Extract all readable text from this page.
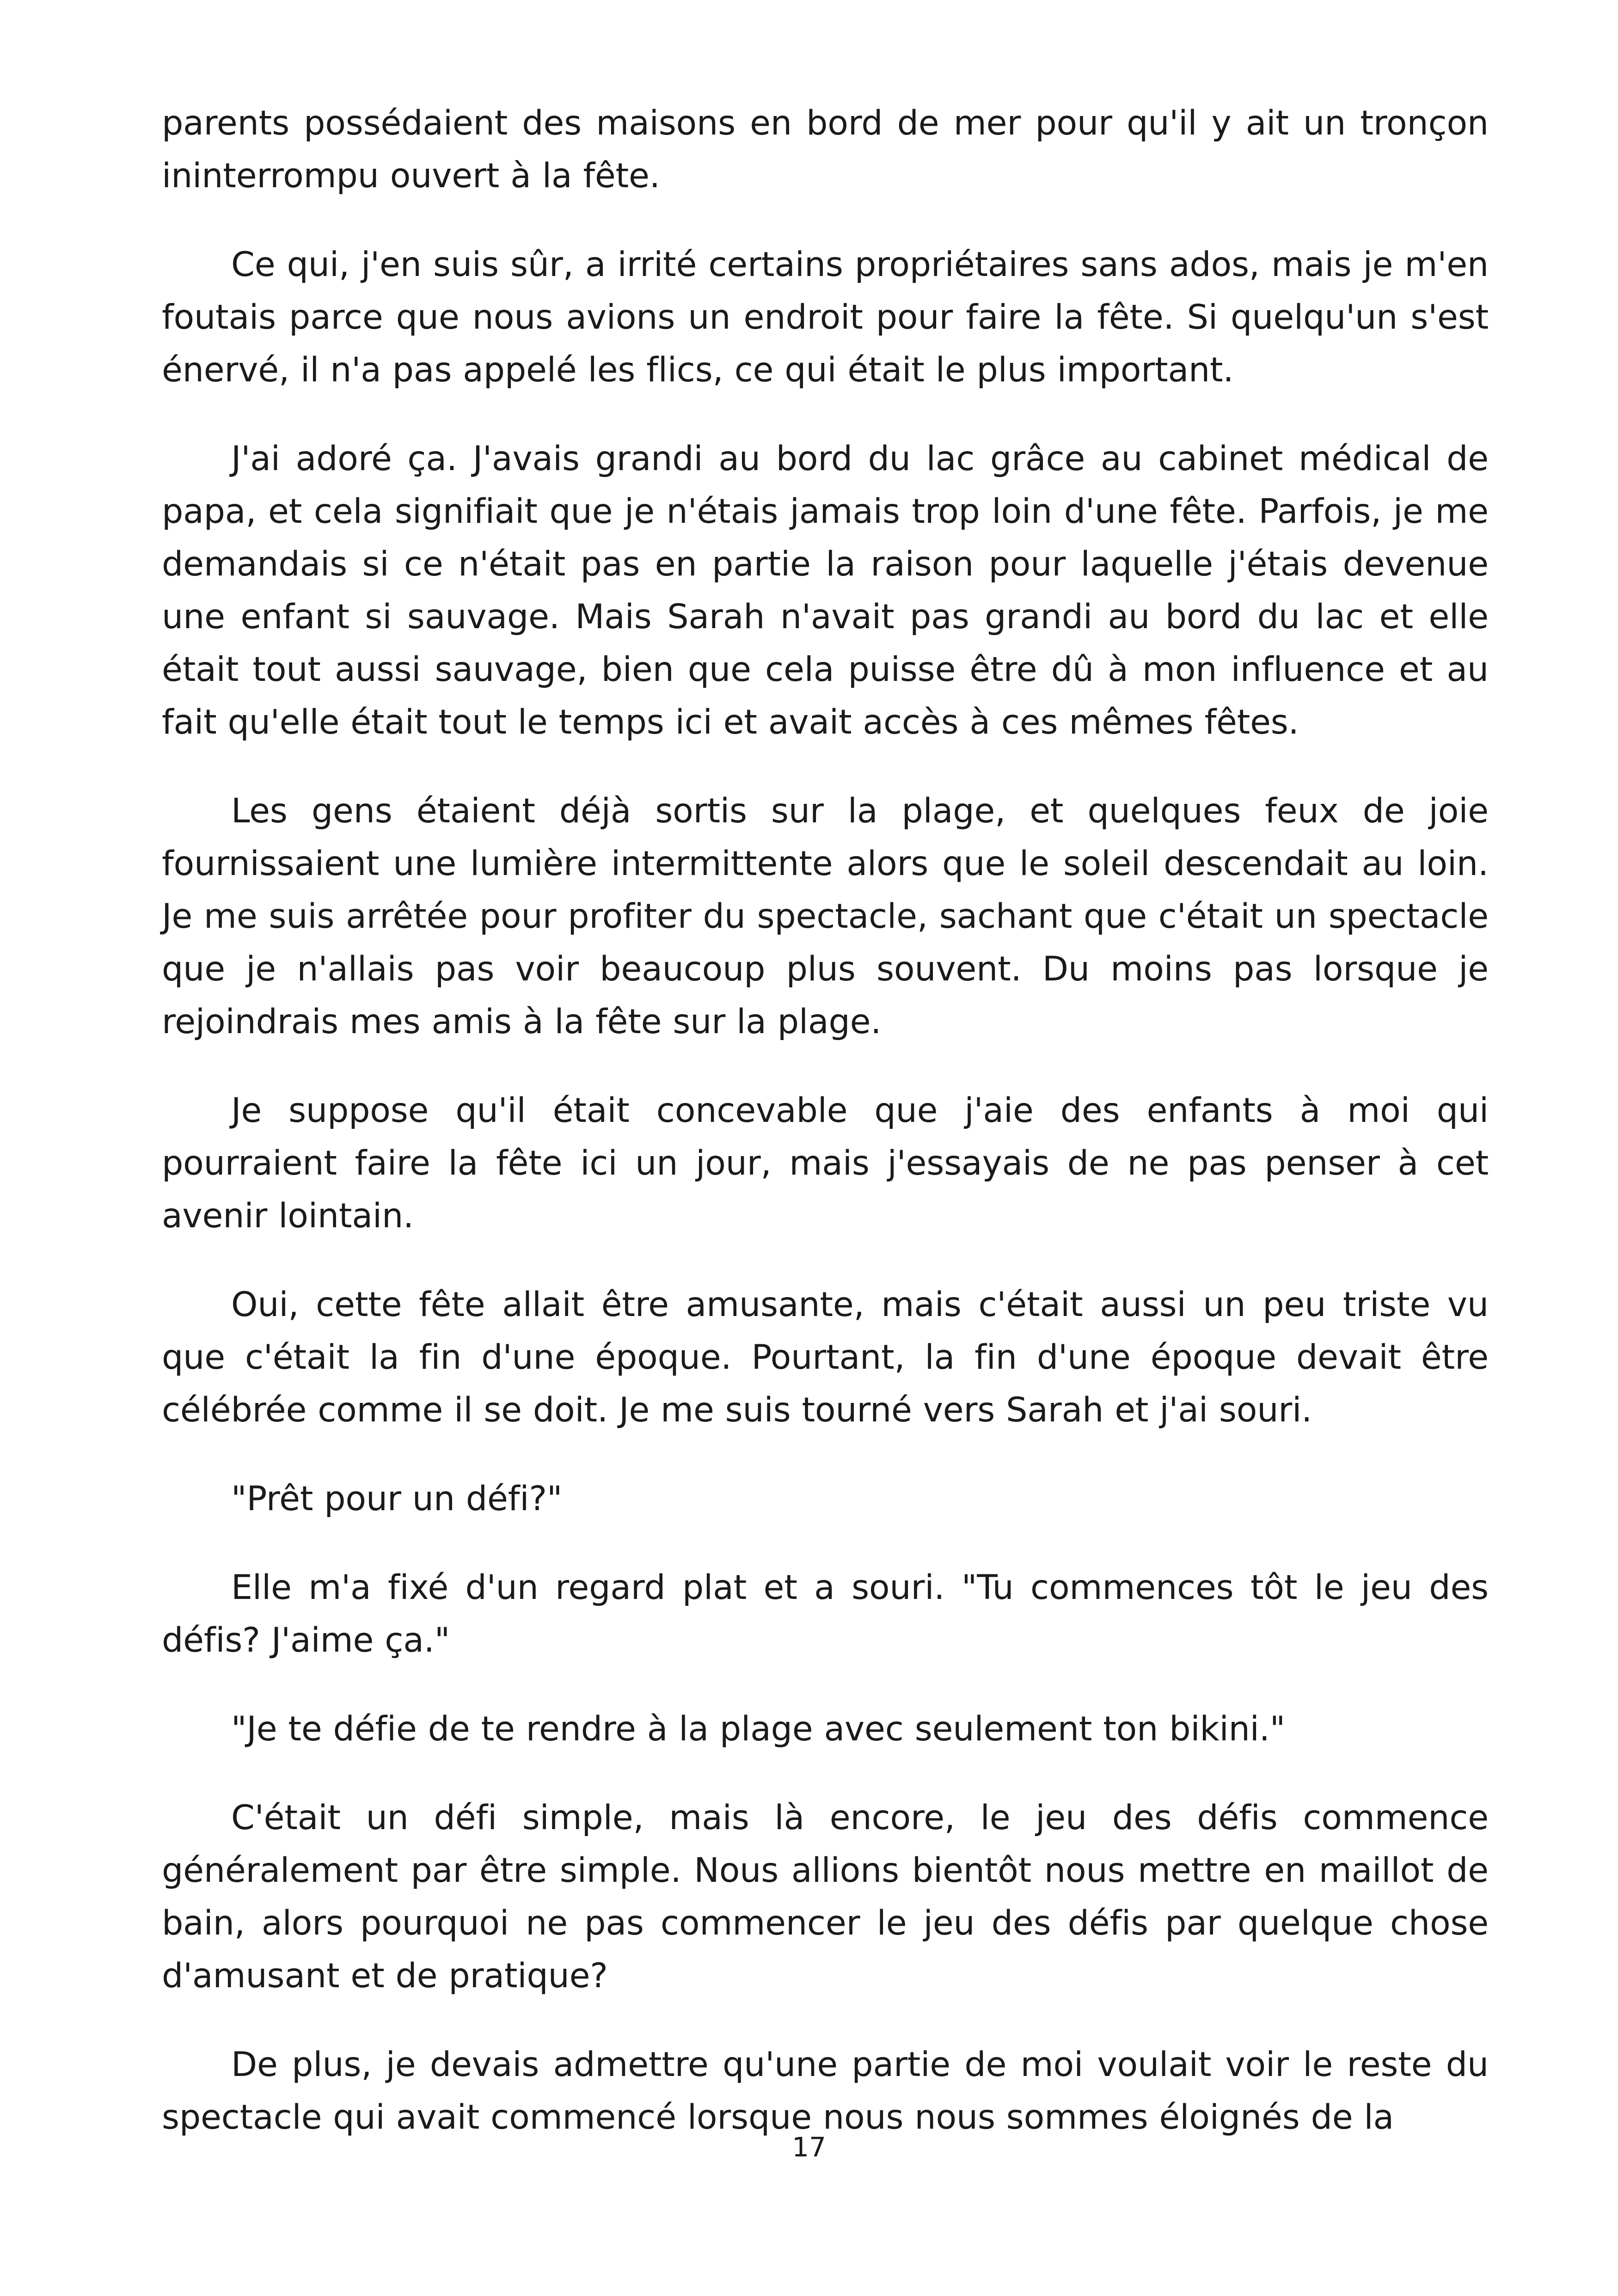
parents possédaient des maisons en bord de mer pour qu'il y ait un tronçon ininterrompu ouvert à la fête.

Ce qui, j'en suis sûr, a irrité certains propriétaires sans ados, mais je m'en foutais parce que nous avions un endroit pour faire la fête. Si quelqu'un s'est énervé, il n'a pas appelé les flics, ce qui était le plus important.

J'ai adoré ça. J'avais grandi au bord du lac grâce au cabinet médical de papa, et cela signifiait que je n'étais jamais trop loin d'une fête. Parfois, je me demandais si ce n'était pas en partie la raison pour laquelle j'étais devenue une enfant si sauvage. Mais Sarah n'avait pas grandi au bord du lac et elle était tout aussi sauvage, bien que cela puisse être dû à mon influence et au fait qu'elle était tout le temps ici et avait accès à ces mêmes fêtes.

Les gens étaient déjà sortis sur la plage, et quelques feux de joie fournissaient une lumière intermittente alors que le soleil descendait au loin. Je me suis arrêtée pour profiter du spectacle, sachant que c'était un spectacle que je n'allais pas voir beaucoup plus souvent. Du moins pas lorsque je rejoindrais mes amis à la fête sur la plage.

Je suppose qu'il était concevable que j'aie des enfants à moi qui pourraient faire la fête ici un jour, mais j'essayais de ne pas penser à cet avenir lointain.

Oui, cette fête allait être amusante, mais c'était aussi un peu triste vu que c'était la fin d'une époque. Pourtant, la fin d'une époque devait être célébrée comme il se doit. Je me suis tourné vers Sarah et j'ai souri.

"Prêt pour un défi?"

Elle m'a fixé d'un regard plat et a souri. "Tu commences tôt le jeu des défis? J'aime ça."

"Je te défie de te rendre à la plage avec seulement ton bikini."

C'était un défi simple, mais là encore, le jeu des défis commence généralement par être simple. Nous allions bientôt nous mettre en maillot de bain, alors pourquoi ne pas commencer le jeu des défis par quelque chose d'amusant et de pratique?

De plus, je devais admettre qu'une partie de moi voulait voir le reste du spectacle qui avait commencé lorsque nous nous sommes éloignés de la

17
